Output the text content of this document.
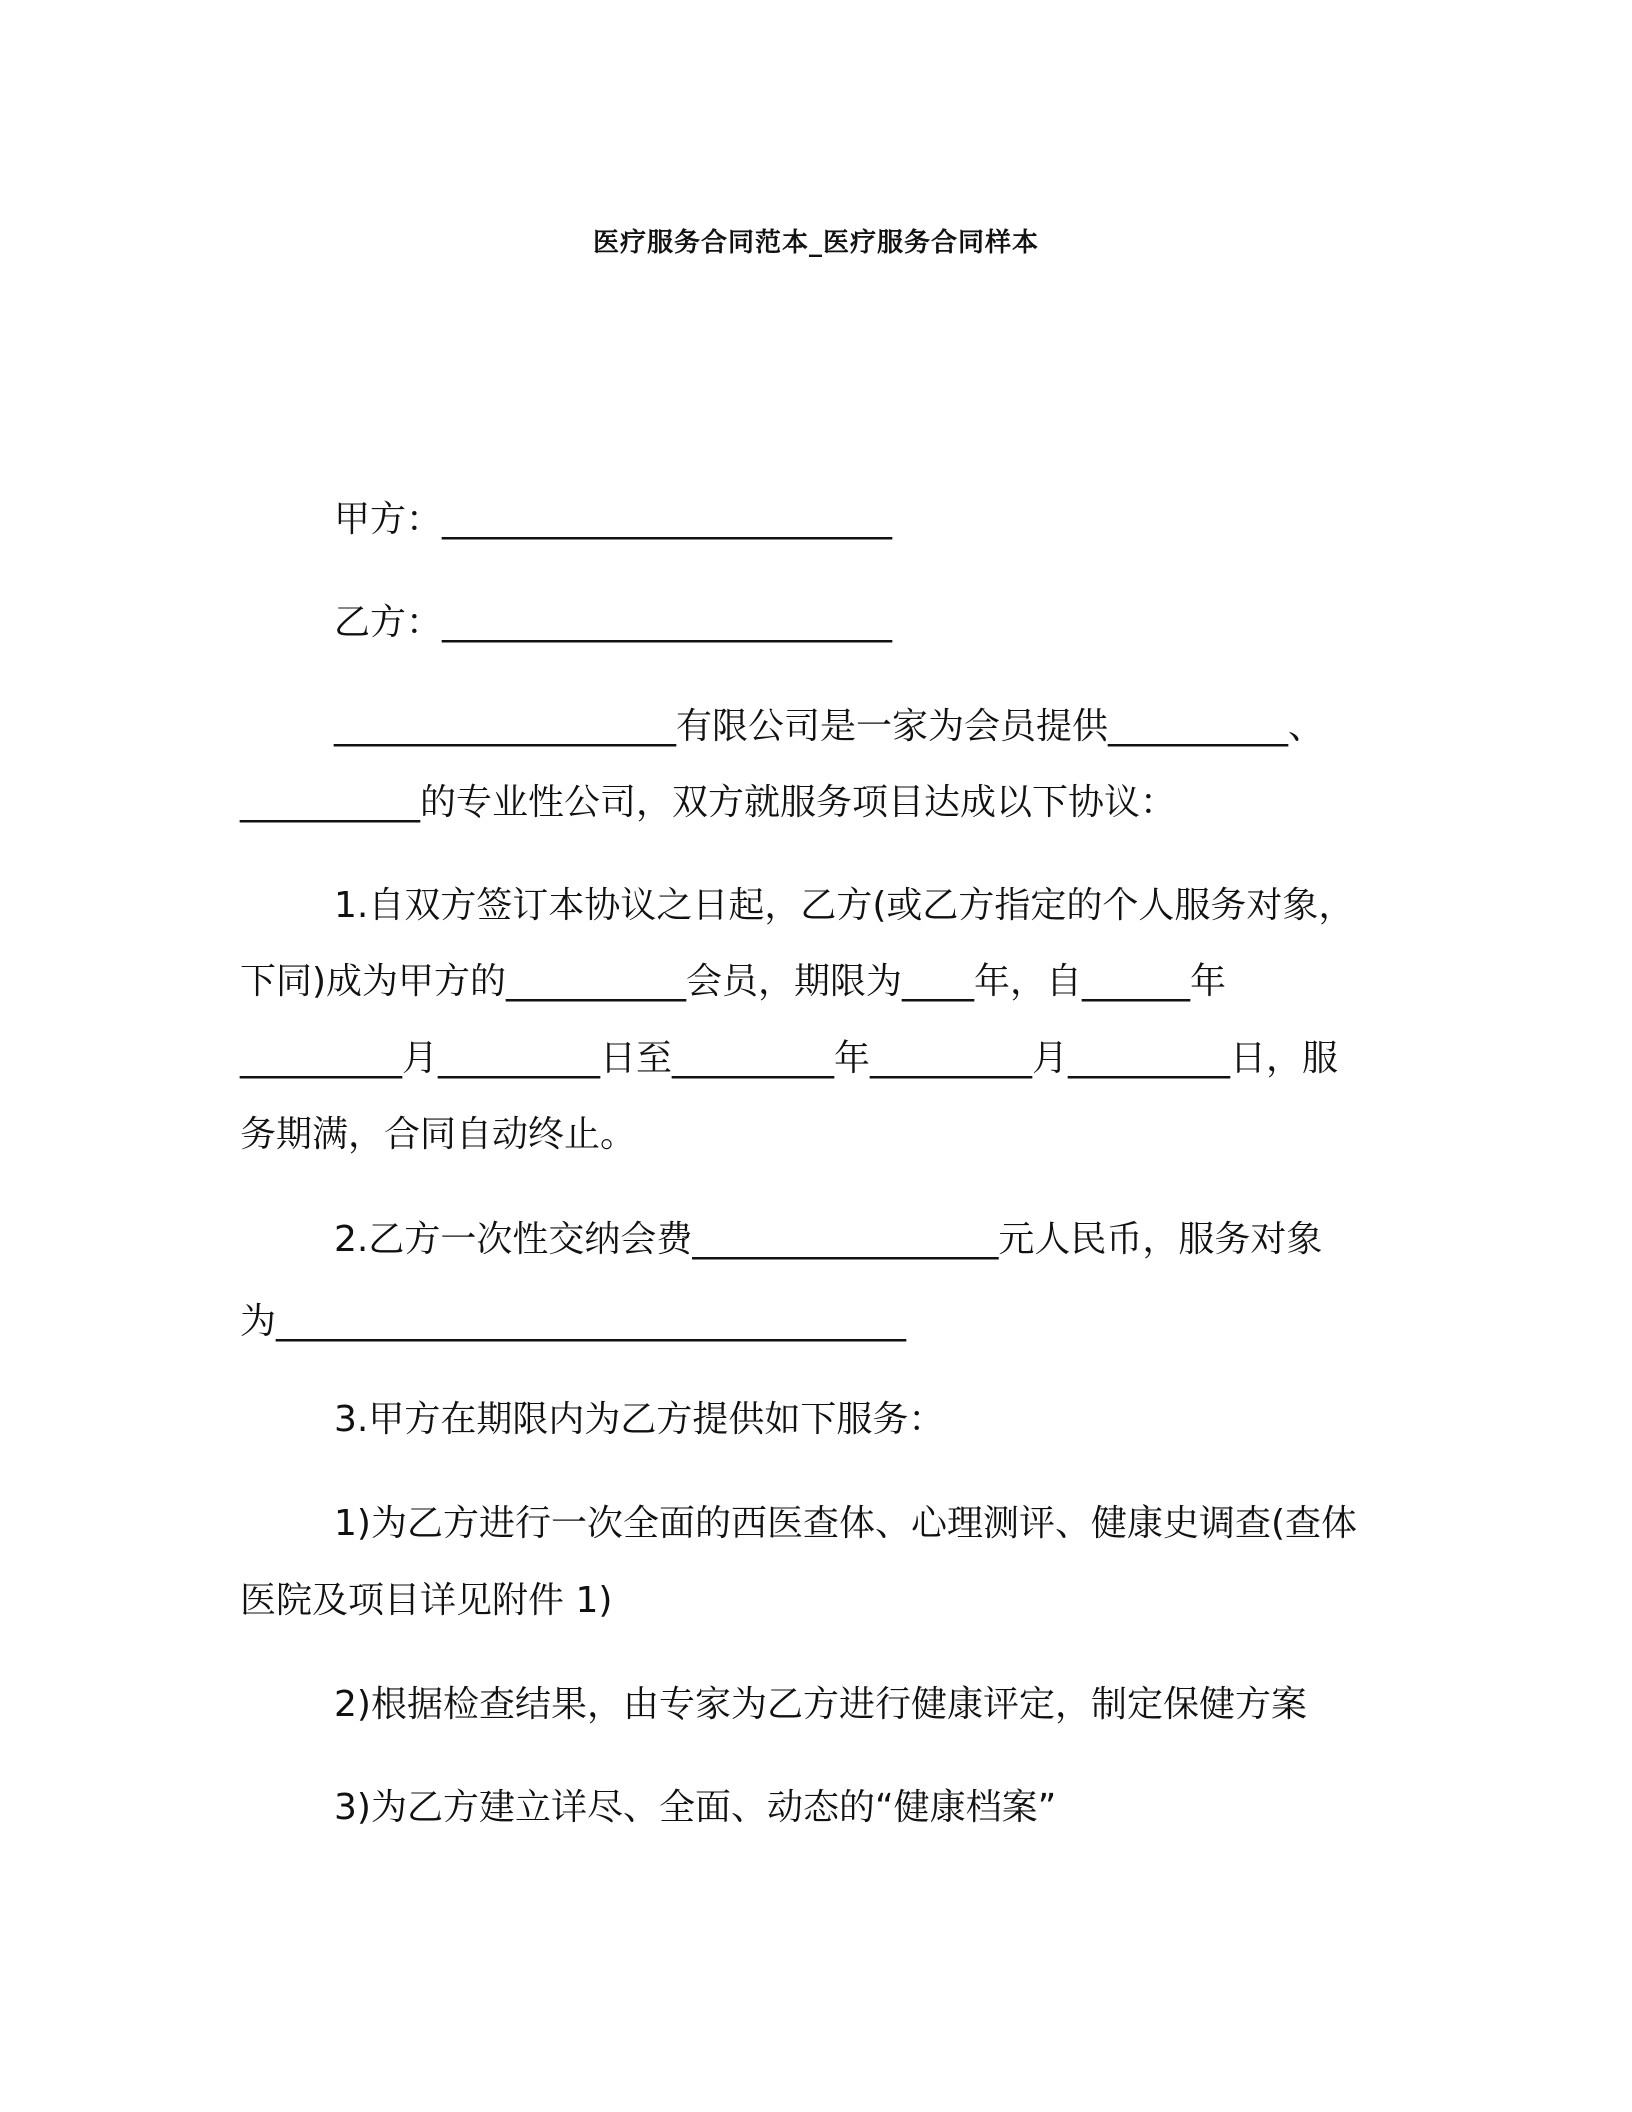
医疗服务合同范本_医疗服务合同样本
甲方：_________________________
乙方：_________________________
___________________有限公司是一家为会员提供__________、
__________的专业性公司，双方就服务项目达成以下协议：
1.自双方签订本协议之日起，乙方(或乙方指定的个人服务对象，
下同)成为甲方的__________会员，期限为____年，自______年
_________月_________日至_________年_________月_________日，服
务期满，合同自动终止。
2.乙方一次性交纳会费_________________元人民币，服务对象
为___________________________________
3.甲方在期限内为乙方提供如下服务：
1)为乙方进行一次全面的西医查体、心理测评、健康史调查(查体
医院及项目详见附件 1)
2)根据检查结果，由专家为乙方进行健康评定，制定保健方案
3)为乙方建立详尽、全面、动态的“健康档案”
